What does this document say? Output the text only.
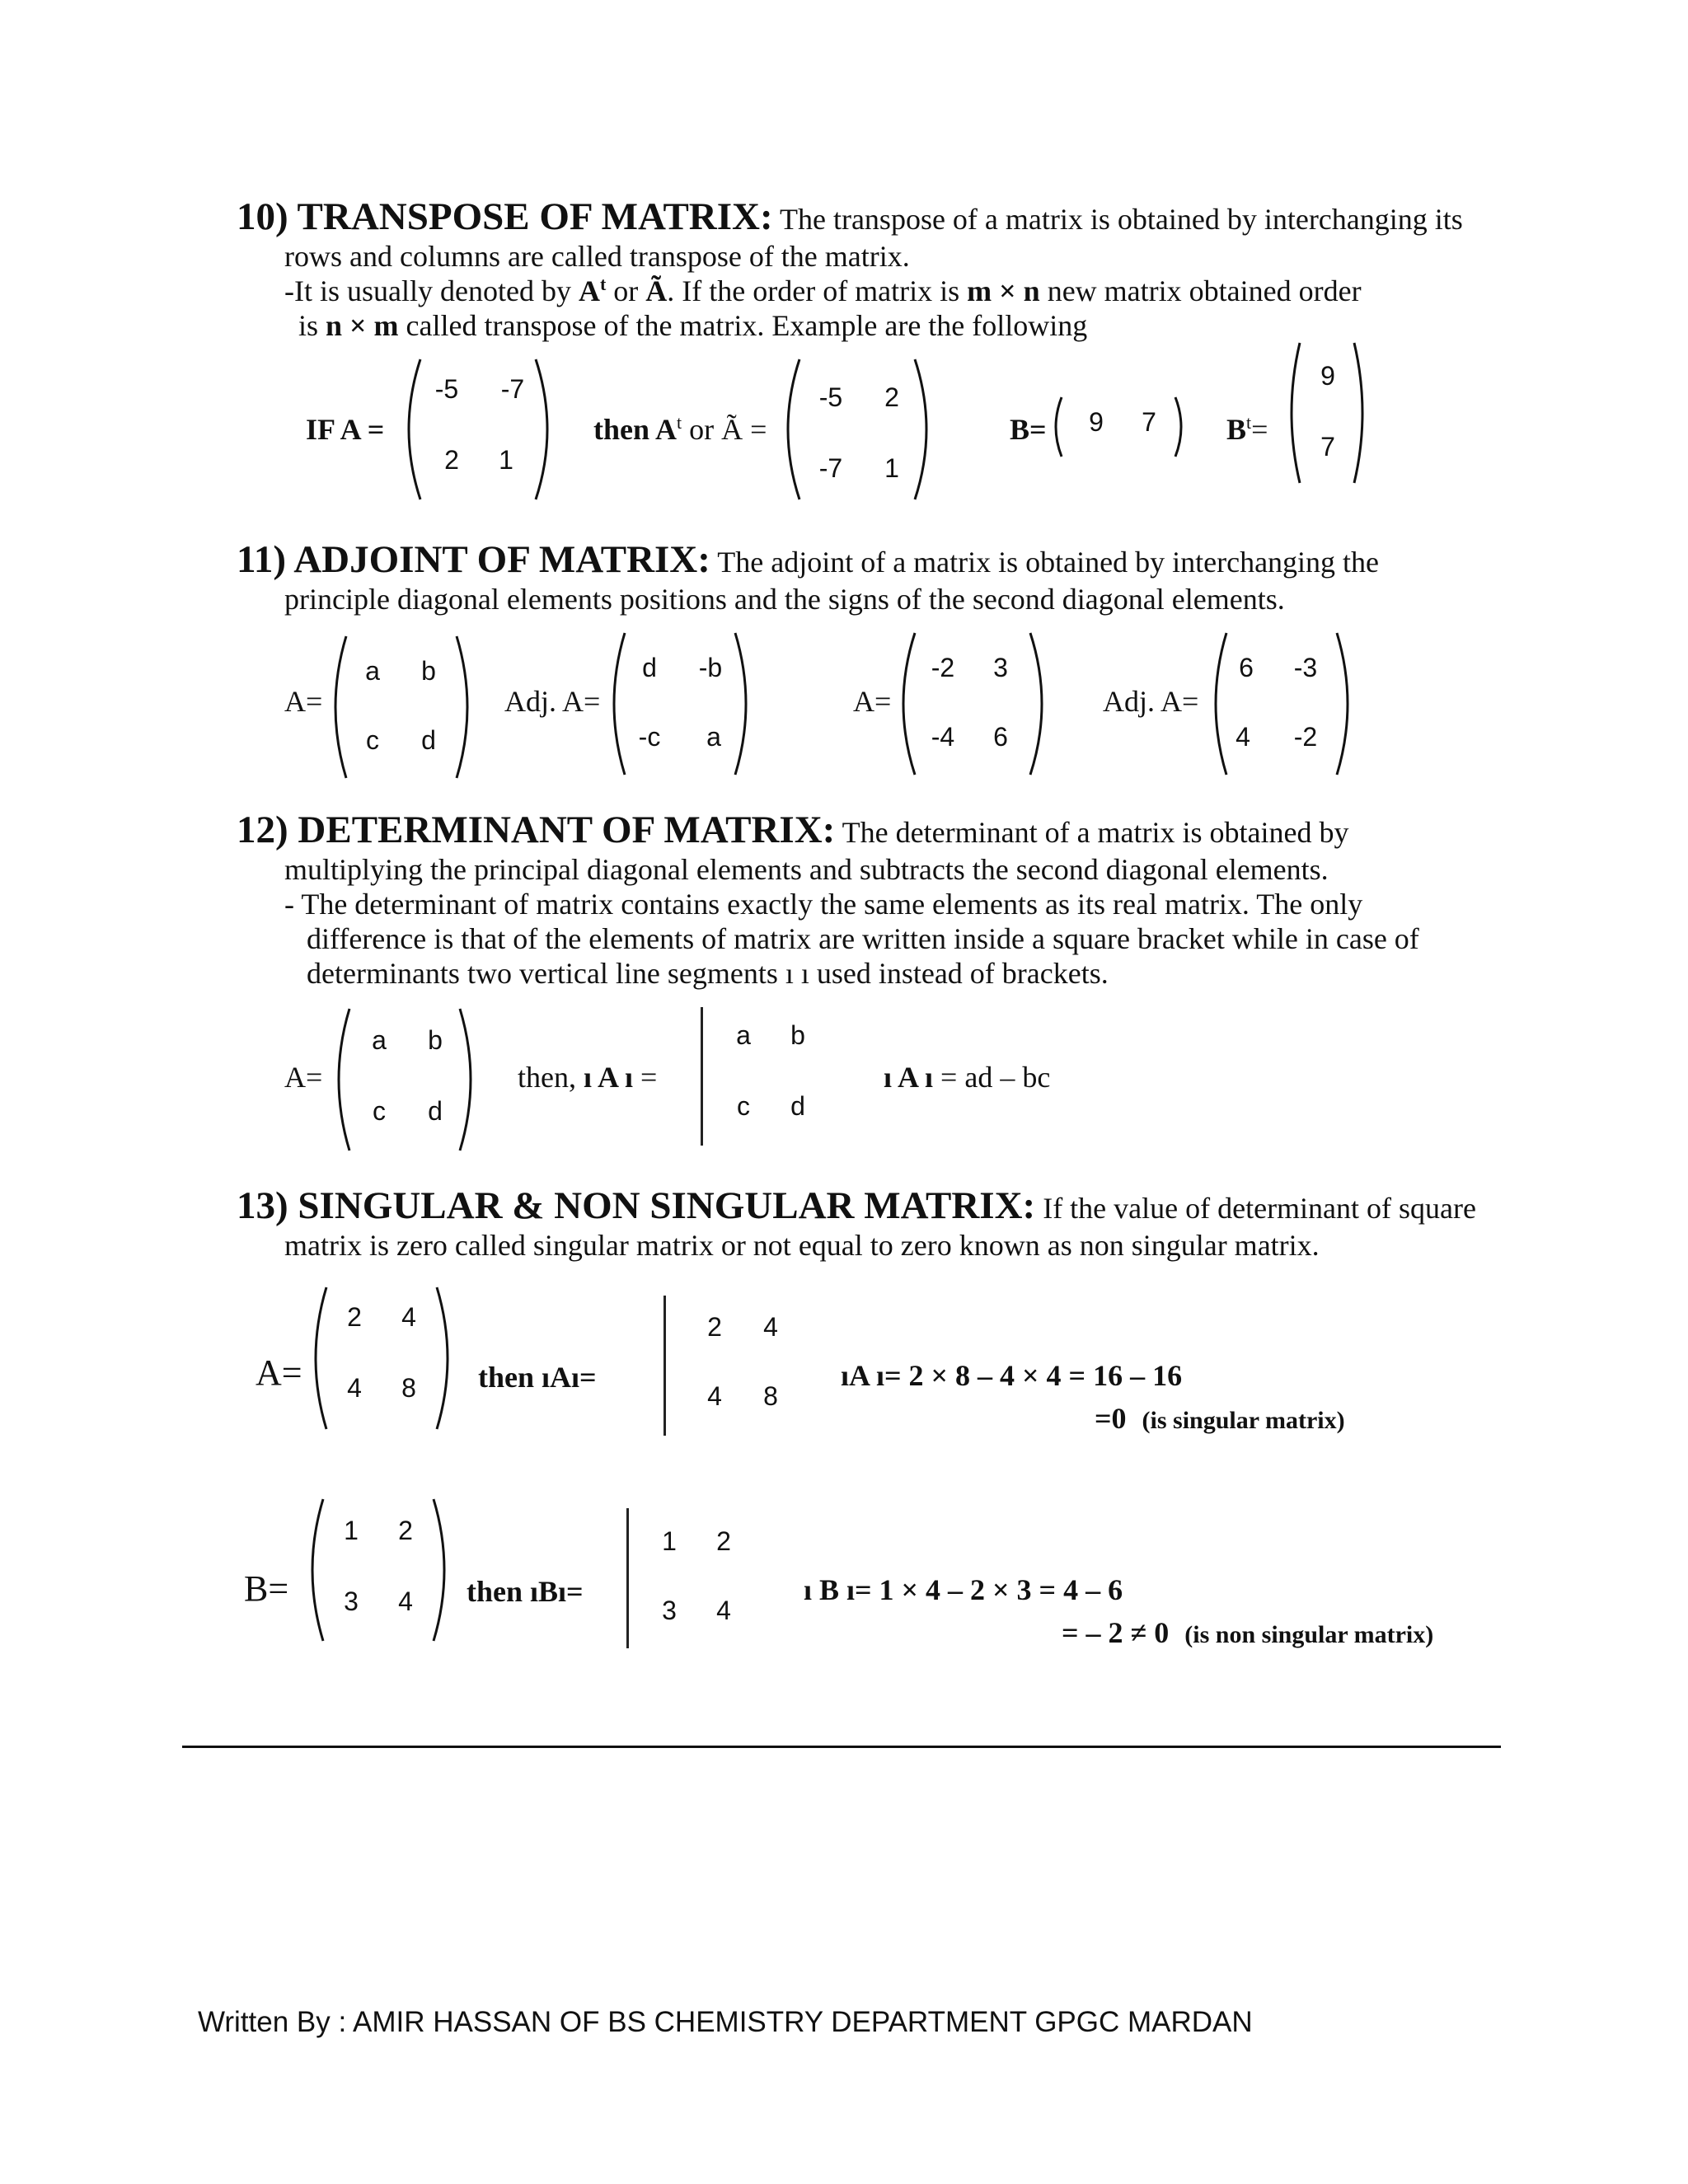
10) TRANSPOSE OF MATRIX: The transpose of a matrix is obtained by interchanging its
rows and columns are called transpose of the matrix.
-It is usually denoted by $A^t$ or Ã. If the order of matrix is m × n new matrix obtained order
is n × m called transpose of the matrix. Example are the following
IF A =
-5	-7
2	1
then $A^t$ or Ã =
-5	2
-7	1
B=	9	7	$B^t=$
9
7
11) ADJOINT OF MATRIX: The adjoint of a matrix is obtained by interchanging the
principle diagonal elements positions and the signs of the second diagonal elements.
A=
a	b
c	d
Adj. A=
d	-b
-c	a
A=
-2	3
-4	6
Adj. A=
6	-3
4	-2
12) DETERMINANT OF MATRIX: The determinant of a matrix is obtained by
multiplying the principal diagonal elements and subtracts the second diagonal elements.
- The determinant of matrix contains exactly the same elements as its real matrix. The only
difference is that of the elements of matrix are written inside a square bracket while in case of
determinants two vertical line segments ı ı used instead of brackets.
A=
a	b
c	d
then, ı A ı =
a	b
c	d
ı A ı = ad – bc
13) SINGULAR & NON SINGULAR MATRIX: If the value of determinant of square
matrix is zero called singular matrix or not equal to zero known as non singular matrix.
A=
2	4
4	8	then ıAı=
2	4
4	8
ıA ı= 2 × 8 – 4 × 4 = 16 – 16
=0 (is singular matrix)
B=
1	2
3	4	then ıBı=
1	2
3	4
ı B ı= 1 × 4 – 2 × 3 = 4 – 6
= – 2 ≠ 0 (is non singular matrix)
Written By : AMIR HASSAN OF BS CHEMISTRY DEPARTMENT GPGC MARDAN
